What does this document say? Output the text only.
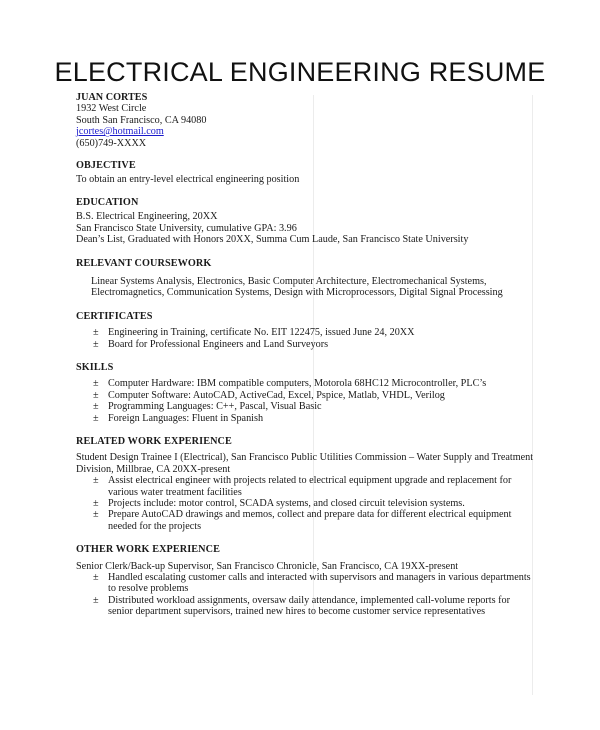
ELECTRICAL ENGINEERING RESUME
JUAN CORTES
1932 West Circle
South San Francisco, CA 94080
jcortes@hotmail.com
(650)749-XXXX
OBJECTIVE
To obtain an entry-level electrical engineering position
EDUCATION
B.S. Electrical Engineering, 20XX
San Francisco State University, cumulative GPA: 3.96
Dean’s List, Graduated with Honors 20XX, Summa Cum Laude, San Francisco State University
RELEVANT COURSEWORK
Linear Systems Analysis, Electronics, Basic Computer Architecture, Electromechanical Systems,
Electromagnetics, Communication Systems, Design with Microprocessors, Digital Signal Processing
CERTIFICATES
± Engineering in Training, certificate No. EIT 122475, issued June 24, 20XX
± Board for Professional Engineers and Land Surveyors
SKILLS
± Computer Hardware: IBM compatible computers, Motorola 68HC12 Microcontroller, PLC’s
± Computer Software: AutoCAD, ActiveCad, Excel, Pspice, Matlab, VHDL, Verilog
± Programming Languages: C++, Pascal, Visual Basic
± Foreign Languages: Fluent in Spanish
RELATED WORK EXPERIENCE
Student Design Trainee I (Electrical), San Francisco Public Utilities Commission – Water Supply and Treatment
Division, Millbrae, CA 20XX-present
± Assist electrical engineer with projects related to electrical equipment upgrade and replacement for
various water treatment facilities
± Projects include: motor control, SCADA systems, and closed circuit television systems.
± Prepare AutoCAD drawings and memos, collect and prepare data for different electrical equipment
needed for the projects
OTHER WORK EXPERIENCE
Senior Clerk/Back-up Supervisor, San Francisco Chronicle, San Francisco, CA 19XX-present
± Handled escalating customer calls and interacted with supervisors and managers in various departments
to resolve problems
± Distributed workload assignments, oversaw daily attendance, implemented call-volume reports for
senior department supervisors, trained new hires to become customer service representatives
